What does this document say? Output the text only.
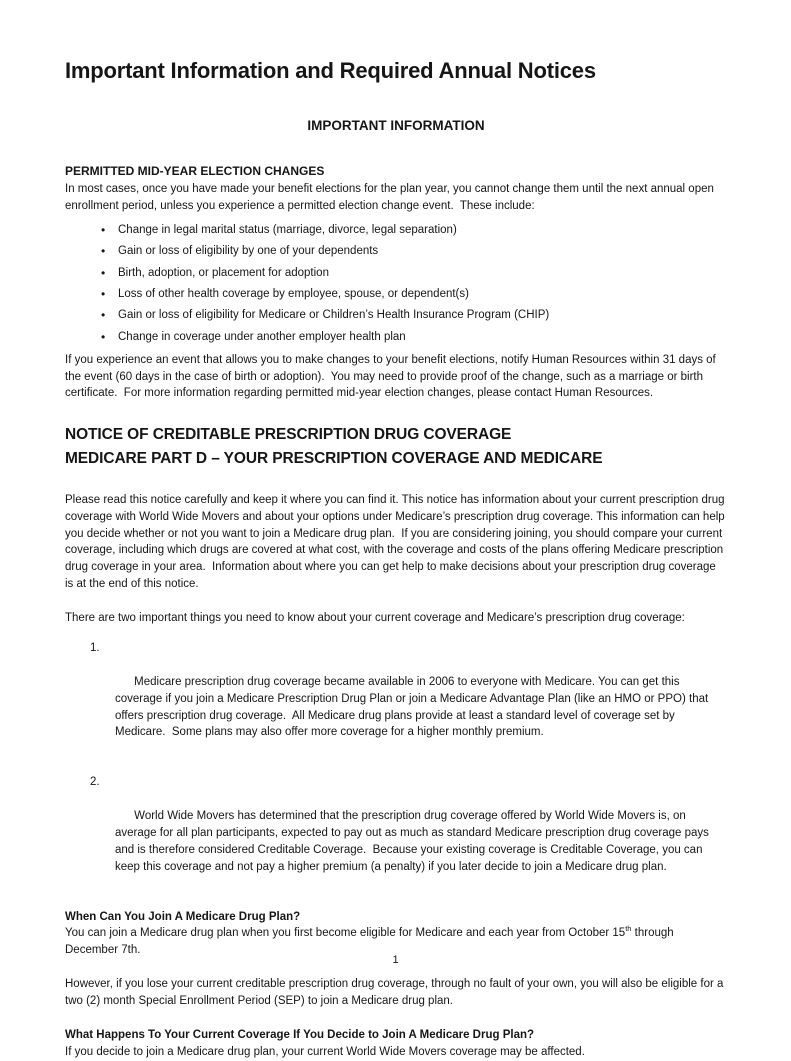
Important Information and Required Annual Notices
IMPORTANT INFORMATION
PERMITTED MID-YEAR ELECTION CHANGES

In most cases, once you have made your benefit elections for the plan year, you cannot change them until the next annual open enrollment period, unless you experience a permitted election change event.  These include:

• Change in legal marital status (marriage, divorce, legal separation)
• Gain or loss of eligibility by one of your dependents
• Birth, adoption, or placement for adoption
• Loss of other health coverage by employee, spouse, or dependent(s)
• Gain or loss of eligibility for Medicare or Children’s Health Insurance Program (CHIP)
• Change in coverage under another employer health plan

If you experience an event that allows you to make changes to your benefit elections, notify Human Resources within 31 days of the event (60 days in the case of birth or adoption).  You may need to provide proof of the change, such as a marriage or birth certificate.  For more information regarding permitted mid-year election changes, please contact Human Resources.

NOTICE OF CREDITABLE PRESCRIPTION DRUG COVERAGE
MEDICARE PART D – YOUR PRESCRIPTION COVERAGE AND MEDICARE

Please read this notice carefully and keep it where you can find it. This notice has information about your current prescription drug coverage with World Wide Movers and about your options under Medicare’s prescription drug coverage. This information can help you decide whether or not you want to join a Medicare drug plan.  If you are considering joining, you should compare your current coverage, including which drugs are covered at what cost, with the coverage and costs of the plans offering Medicare prescription drug coverage in your area.  Information about where you can get help to make decisions about your prescription drug coverage is at the end of this notice.

There are two important things you need to know about your current coverage and Medicare’s prescription drug coverage:

1.

Medicare prescription drug coverage became available in 2006 to everyone with Medicare. You can get this coverage if you join a Medicare Prescription Drug Plan or join a Medicare Advantage Plan (like an HMO or PPO) that offers prescription drug coverage.  All Medicare drug plans provide at least a standard level of coverage set by Medicare.  Some plans may also offer more coverage for a higher monthly premium.

2.

World Wide Movers has determined that the prescription drug coverage offered by World Wide Movers is, on average for all plan participants, expected to pay out as much as standard Medicare prescription drug coverage pays and is therefore considered Creditable Coverage.  Because your existing coverage is Creditable Coverage, you can keep this coverage and not pay a higher premium (a penalty) if you later decide to join a Medicare drug plan.

When Can You Join A Medicare Drug Plan?

You can join a Medicare drug plan when you first become eligible for Medicare and each year from October 15th through December 7th.

However, if you lose your current creditable prescription drug coverage, through no fault of your own, you will also be eligible for a two (2) month Special Enrollment Period (SEP) to join a Medicare drug plan.

What Happens To Your Current Coverage If You Decide to Join A Medicare Drug Plan?

If you decide to join a Medicare drug plan, your current World Wide Movers coverage may be affected.

1
